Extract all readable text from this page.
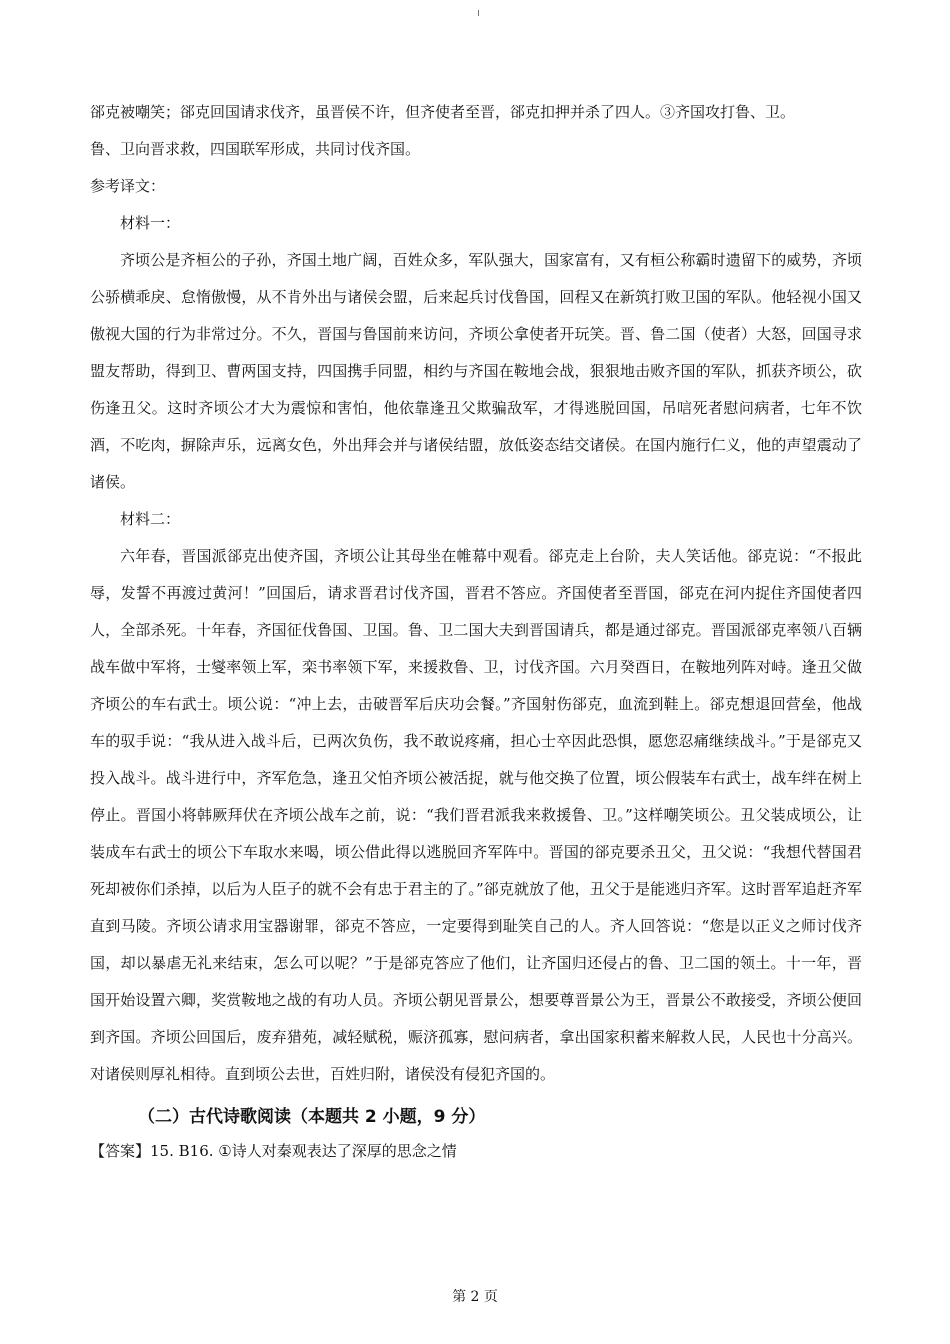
郤克被嘲笑；郤克回国请求伐齐，虽晋侯不许，但齐使者至晋，郤克扣押并杀了四人。③齐国攻打鲁、卫。

鲁、卫向晋求救，四国联军形成，共同讨伐齐国。

参考译文：

材料一：

齐顷公是齐桓公的子孙，齐国土地广阔，百姓众多，军队强大，国家富有，又有桓公称霸时遗留下的威势，齐顷公骄横乖戾、怠惰傲慢，从不肯外出与诸侯会盟，后来起兵讨伐鲁国，回程又在新筑打败卫国的军队。他轻视小国又傲视大国的行为非常过分。不久，晋国与鲁国前来访问，齐顷公拿使者开玩笑。晋、鲁二国（使者）大怒，回国寻求盟友帮助，得到卫、曹两国支持，四国携手同盟，相约与齐国在鞍地会战，狠狠地击败齐国的军队，抓获齐顷公，砍伤逢丑父。这时齐顷公才大为震惊和害怕，他依靠逢丑父欺骗敌军，才得逃脱回国，吊唁死者慰问病者，七年不饮酒，不吃肉，摒除声乐，远离女色，外出拜会并与诸侯结盟，放低姿态结交诸侯。在国内施行仁义，他的声望震动了诸侯。

材料二：

六年春，晋国派郤克出使齐国，齐顷公让其母坐在帷幕中观看。郤克走上台阶，夫人笑话他。郤克说：“不报此辱，发誓不再渡过黄河！”回国后，请求晋君讨伐齐国，晋君不答应。齐国使者至晋国，郤克在河内捉住齐国使者四人，全部杀死。十年春，齐国征伐鲁国、卫国。鲁、卫二国大夫到晋国请兵，都是通过郤克。晋国派郤克率领八百辆战车做中军将，士燮率领上军，栾书率领下军，来援救鲁、卫，讨伐齐国。六月癸酉日，在鞍地列阵对峙。逢丑父做齐顷公的车右武士。顷公说：“冲上去，击破晋军后庆功会餐。”齐国射伤郤克，血流到鞋上。郤克想退回营垒，他战车的驭手说：“我从进入战斗后，已两次负伤，我不敢说疼痛，担心士卒因此恐惧，愿您忍痛继续战斗。”于是郤克又投入战斗。战斗进行中，齐军危急，逢丑父怕齐顷公被活捉，就与他交换了位置，顷公假装车右武士，战车绊在树上停止。晋国小将韩厥拜伏在齐顷公战车之前，说：“我们晋君派我来救援鲁、卫。”这样嘲笑顷公。丑父装成顷公，让装成车右武士的顷公下车取水来喝，顷公借此得以逃脱回齐军阵中。晋国的郤克要杀丑父，丑父说：“我想代替国君死却被你们杀掉，以后为人臣子的就不会有忠于君主的了。”郤克就放了他，丑父于是能逃归齐军。这时晋军追赶齐军直到马陵。齐顷公请求用宝器谢罪，郤克不答应，一定要得到耻笑自己的人。齐人回答说：“您是以正义之师讨伐齐国，却以暴虐无礼来结束，怎么可以呢？”于是郤克答应了他们，让齐国归还侵占的鲁、卫二国的领土。十一年，晋国开始设置六卿，奖赏鞍地之战的有功人员。齐顷公朝见晋景公，想要尊晋景公为王，晋景公不敢接受，齐顷公便回到齐国。齐顷公回国后，废弃猎苑，减轻赋税，赈济孤寡，慰问病者，拿出国家积蓄来解救人民，人民也十分高兴。对诸侯则厚礼相待。直到顷公去世，百姓归附，诸侯没有侵犯齐国的。

（二）古代诗歌阅读（本题共 2 小题，9 分）

【答案】15. B16. ①诗人对秦观表达了深厚的思念之情

第 2 页
